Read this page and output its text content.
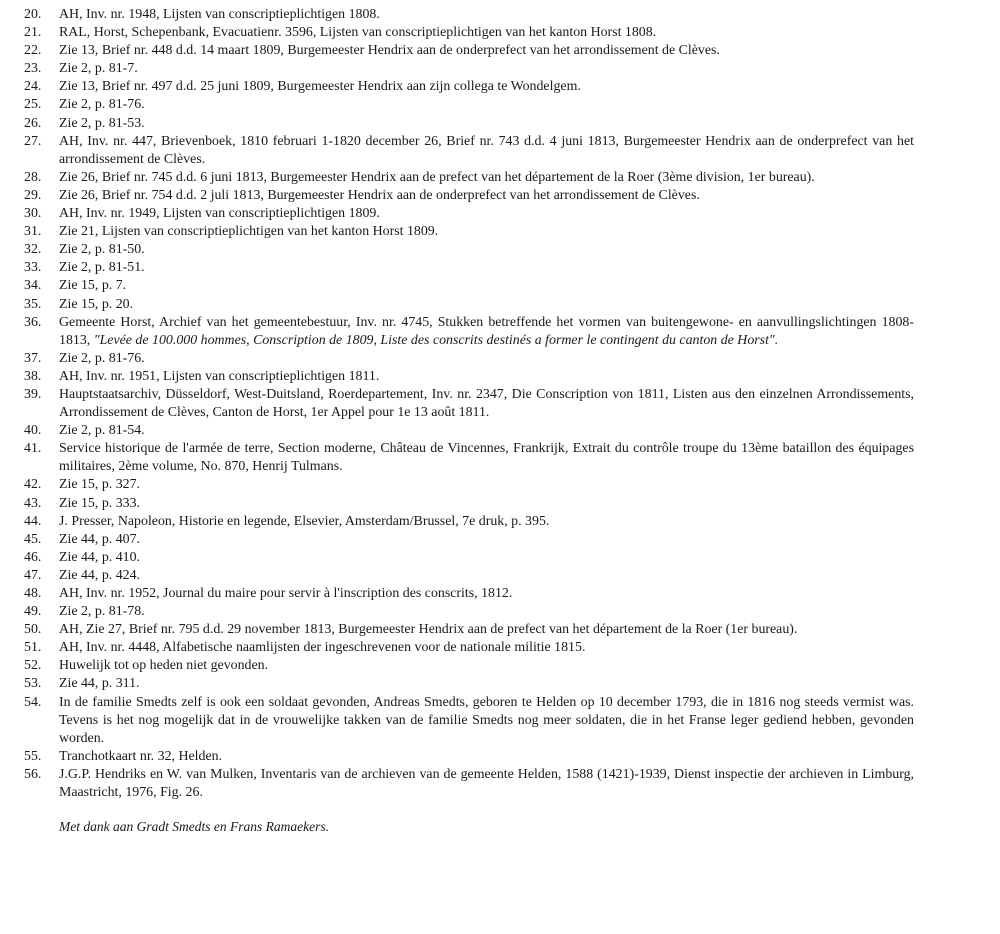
20.	AH, Inv. nr. 1948, Lijsten van conscriptieplichtigen 1808.
21.	RAL, Horst, Schepenbank, Evacuatienr. 3596, Lijsten van conscriptieplichtigen van het kanton Horst 1808.
22.	Zie 13, Brief nr. 448 d.d. 14 maart 1809, Burgemeester Hendrix aan de onderprefect van het arrondissement de Clèves.
23.	Zie 2, p. 81-7.
24.	Zie 13, Brief nr. 497 d.d. 25 juni 1809, Burgemeester Hendrix aan zijn collega te Wondelgem.
25.	Zie 2, p. 81-76.
26.	Zie 2, p. 81-53.
27.	AH, Inv. nr. 447, Brievenboek, 1810 februari 1-1820 december 26, Brief nr. 743 d.d. 4 juni 1813, Burgemeester Hendrix aan de onderprefect van het arrondissement de Clèves.
28.	Zie 26, Brief nr. 745 d.d. 6 juni 1813, Burgemeester Hendrix aan de prefect van het département de la Roer (3ème division, 1er bureau).
29.	Zie 26, Brief nr. 754 d.d. 2 juli 1813, Burgemeester Hendrix aan de onderprefect van het arrondissement de Clèves.
30.	AH, Inv. nr. 1949, Lijsten van conscriptieplichtigen 1809.
31.	Zie 21, Lijsten van conscriptieplichtigen van het kanton Horst 1809.
32.	Zie 2, p. 81-50.
33.	Zie 2, p. 81-51.
34.	Zie 15, p. 7.
35.	Zie 15, p. 20.
36.	Gemeente Horst, Archief van het gemeentebestuur, Inv. nr. 4745, Stukken betreffende het vormen van buitengewone- en aanvullingslichtingen 1808-1813, "Levée de 100.000 hommes, Conscription de 1809, Liste des conscrits destinés a former le contingent du canton de Horst".
37.	Zie 2, p. 81-76.
38.	AH, Inv. nr. 1951, Lijsten van conscriptieplichtigen 1811.
39.	Hauptstaatsarchiv, Düsseldorf, West-Duitsland, Roerdepartement, Inv. nr. 2347, Die Conscription von 1811, Listen aus den einzelnen Arrondissements, Arrondissement de Clèves, Canton de Horst, 1er Appel pour 1e 13 août 1811.
40.	Zie 2, p. 81-54.
41.	Service historique de l'armée de terre, Section moderne, Château de Vincennes, Frankrijk, Extrait du contrôle troupe du 13ème bataillon des équipages militaires, 2ème volume, No. 870, Henrij Tulmans.
42.	Zie 15, p. 327.
43.	Zie 15, p. 333.
44.	J. Presser, Napoleon, Historie en legende, Elsevier, Amsterdam/Brussel, 7e druk, p. 395.
45.	Zie 44, p. 407.
46.	Zie 44, p. 410.
47.	Zie 44, p. 424.
48.	AH, Inv. nr. 1952, Journal du maire pour servir à l'inscription des conscrits, 1812.
49.	Zie 2, p. 81-78.
50.	AH, Zie 27, Brief nr. 795 d.d. 29 november 1813, Burgemeester Hendrix aan de prefect van het département de la Roer (1er bureau).
51.	AH, Inv. nr. 4448, Alfabetische naamlijsten der ingeschrevenen voor de nationale militie 1815.
52.	Huwelijk tot op heden niet gevonden.
53.	Zie 44, p. 311.
54.	In de familie Smedts zelf is ook een soldaat gevonden, Andreas Smedts, geboren te Helden op 10 december 1793, die in 1816 nog steeds vermist was. Tevens is het nog mogelijk dat in de vrouwelijke takken van de familie Smedts nog meer soldaten, die in het Franse leger gediend hebben, gevonden worden.
55.	Tranchotkaart nr. 32, Helden.
56.	J.G.P. Hendriks en W. van Mulken, Inventaris van de archieven van de gemeente Helden, 1588 (1421)-1939, Dienst inspectie der archieven in Limburg, Maastricht, 1976, Fig. 26.
Met dank aan Gradt Smedts en Frans Ramaekers.
